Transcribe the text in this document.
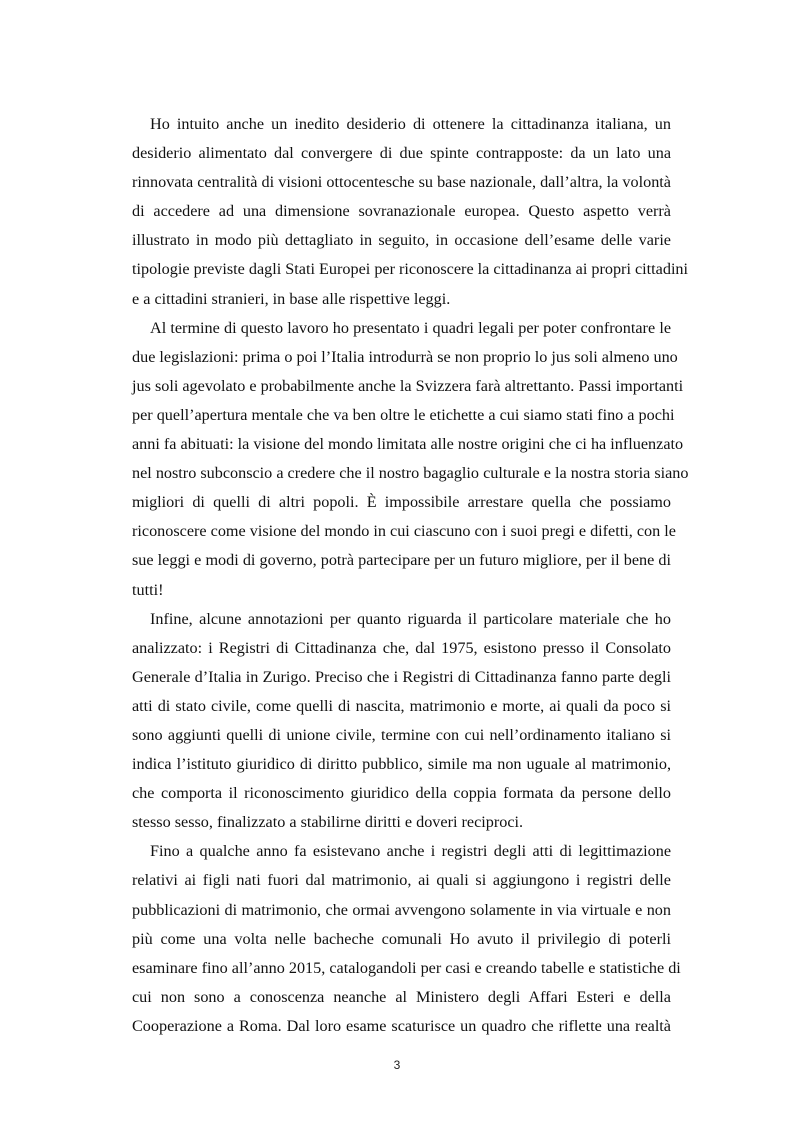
Ho intuito anche un inedito desiderio di ottenere la cittadinanza italiana, un
desiderio alimentato dal convergere di due spinte contrapposte: da un lato una
rinnovata centralità di visioni ottocentesche su base nazionale, dall’altra, la volontà
di accedere ad una dimensione sovranazionale europea. Questo aspetto verrà
illustrato in modo più dettagliato in seguito, in occasione dell’esame delle varie
tipologie previste dagli Stati Europei per riconoscere la cittadinanza ai propri cittadini
e a cittadini stranieri, in base alle rispettive leggi.
Al termine di questo lavoro ho presentato i quadri legali per poter confrontare le
due legislazioni: prima o poi l’Italia introdurrà se non proprio lo jus soli almeno uno
jus soli agevolato e probabilmente anche la Svizzera farà altrettanto. Passi importanti
per quell’apertura mentale che va ben oltre le etichette a cui siamo stati fino a pochi
anni fa abituati: la visione del mondo limitata alle nostre origini che ci ha influenzato
nel nostro subconscio a credere che il nostro bagaglio culturale e la nostra storia siano
migliori di quelli di altri popoli. È impossibile arrestare quella che possiamo
riconoscere come visione del mondo in cui ciascuno con i suoi pregi e difetti, con le
sue leggi e modi di governo, potrà partecipare per un futuro migliore, per il bene di
tutti!
Infine, alcune annotazioni per quanto riguarda il particolare materiale che ho
analizzato: i Registri di Cittadinanza che, dal 1975, esistono presso il Consolato
Generale d’Italia in Zurigo. Preciso che i Registri di Cittadinanza fanno parte degli
atti di stato civile, come quelli di nascita, matrimonio e morte, ai quali da poco si
sono aggiunti quelli di unione civile, termine con cui nell’ordinamento italiano si
indica l’istituto giuridico di diritto pubblico, simile ma non uguale al matrimonio,
che comporta il riconoscimento giuridico della coppia formata da persone dello
stesso sesso, finalizzato a stabilirne diritti e doveri reciproci.
Fino a qualche anno fa esistevano anche i registri degli atti di legittimazione
relativi ai figli nati fuori dal matrimonio, ai quali si aggiungono i registri delle
pubblicazioni di matrimonio, che ormai avvengono solamente in via virtuale e non
più come una volta nelle bacheche comunali Ho avuto il privilegio di poterli
esaminare fino all’anno 2015, catalogandoli per casi e creando tabelle e statistiche di
cui non sono a conoscenza neanche al Ministero degli Affari Esteri e della
Cooperazione a Roma. Dal loro esame scaturisce un quadro che riflette una realtà
3
